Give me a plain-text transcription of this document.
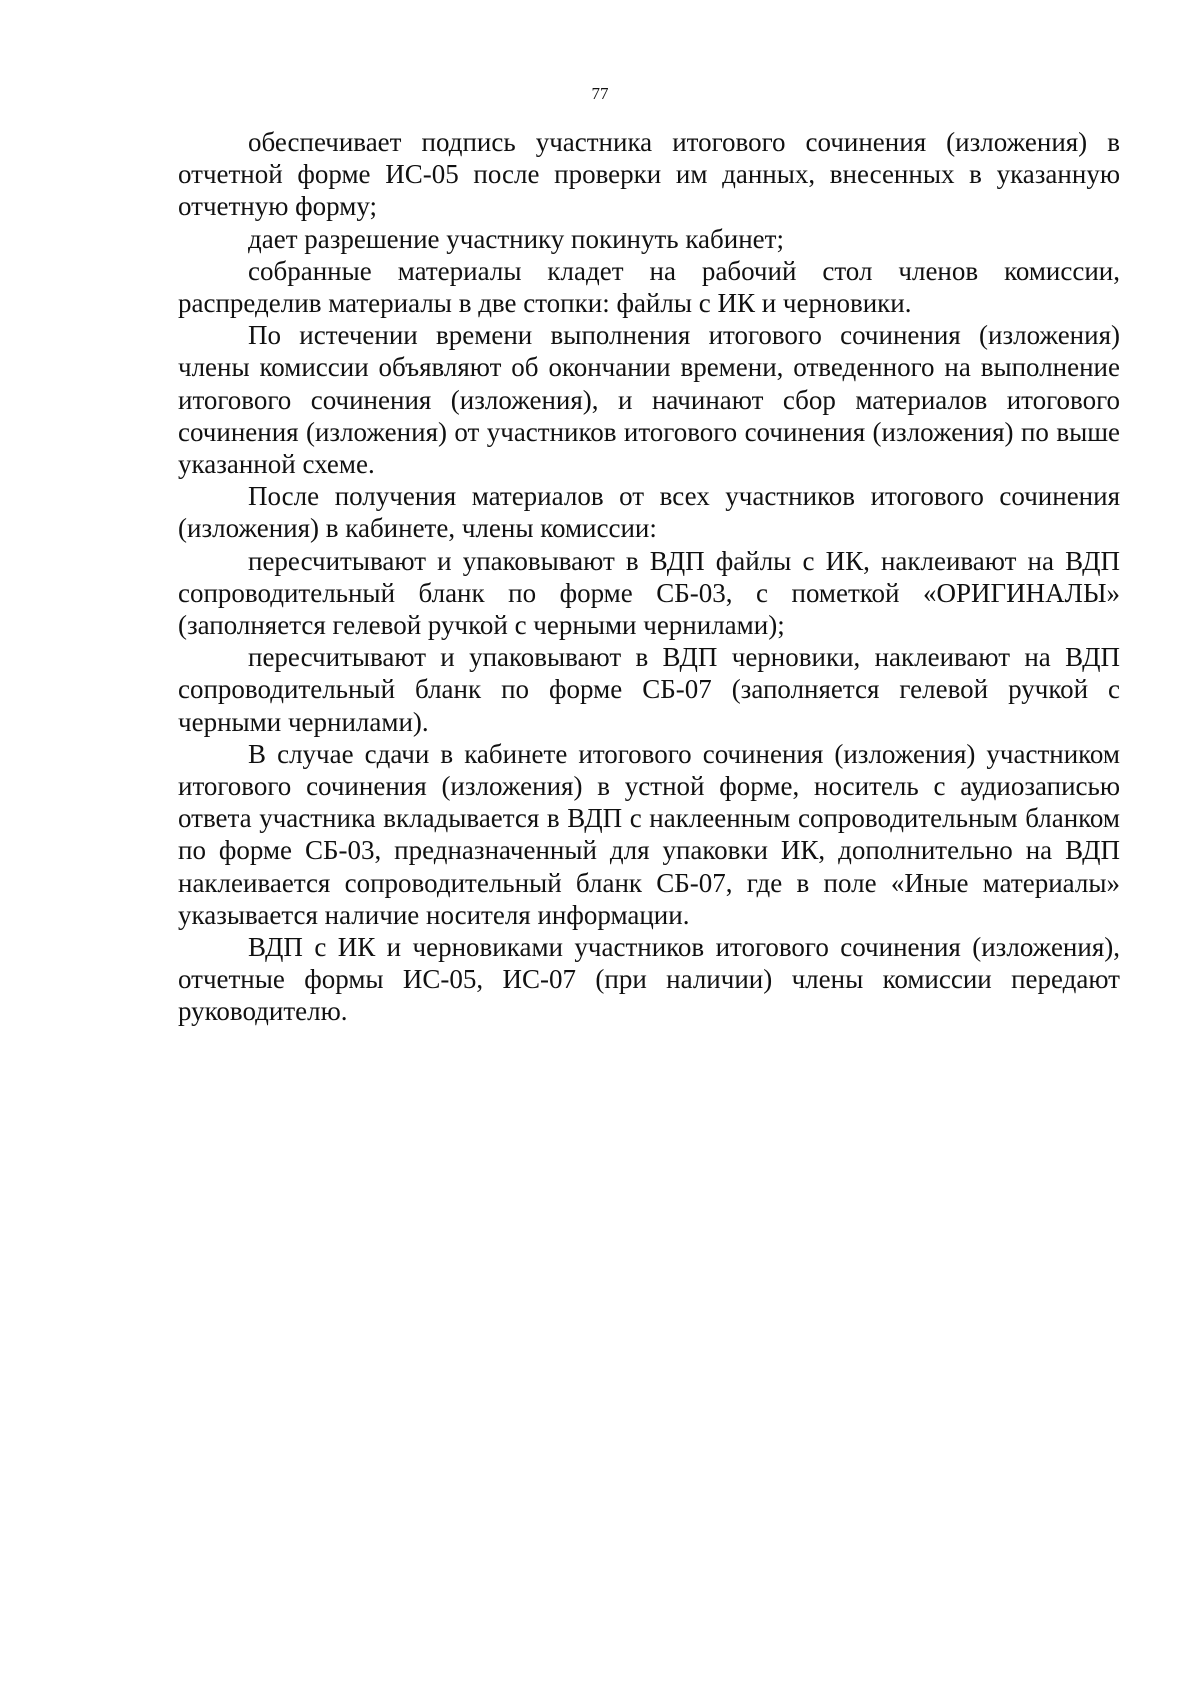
77

обеспечивает подпись участника итогового сочинения (изложения) в отчетной форме ИС-05 после проверки им данных, внесенных в указанную отчетную форму;

дает разрешение участнику покинуть кабинет;

собранные материалы кладет на рабочий стол членов комиссии, распределив материалы в две стопки: файлы с ИК и черновики.

По истечении времени выполнения итогового сочинения (изложения) члены комиссии объявляют об окончании времени, отведенного на выполнение итогового сочинения (изложения), и начинают сбор материалов итогового сочинения (изложения) от участников итогового сочинения (изложения) по выше указанной схеме.

После получения материалов от всех участников итогового сочинения (изложения) в кабинете, члены комиссии:

пересчитывают и упаковывают в ВДП файлы с ИК, наклеивают на ВДП сопроводительный бланк по форме СБ-03, с пометкой «ОРИГИНАЛЫ» (заполняется гелевой ручкой с черными чернилами);

пересчитывают и упаковывают в ВДП черновики, наклеивают на ВДП сопроводительный бланк по форме СБ-07 (заполняется гелевой ручкой с черными чернилами).

В случае сдачи в кабинете итогового сочинения (изложения) участником итогового сочинения (изложения) в устной форме, носитель с аудиозаписью ответа участника вкладывается в ВДП с наклеенным сопроводительным бланком по форме СБ-03, предназначенный для упаковки ИК, дополнительно на ВДП наклеивается сопроводительный бланк СБ-07, где в поле «Иные материалы» указывается наличие носителя информации.

ВДП с ИК и черновиками участников итогового сочинения (изложения), отчетные формы ИС-05, ИС-07 (при наличии) члены комиссии передают руководителю.
